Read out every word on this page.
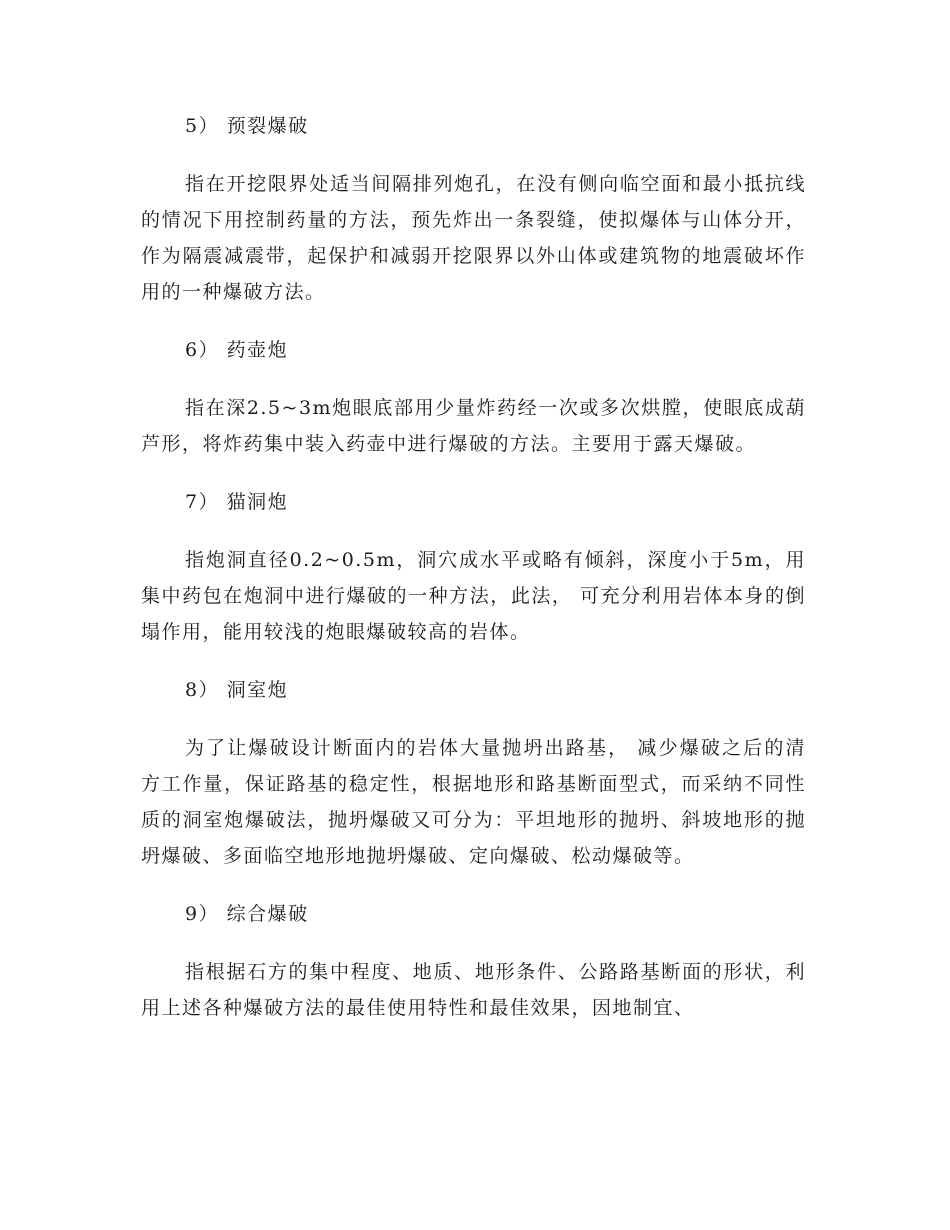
5） 预裂爆破
指在开挖限界处适当间隔排列炮孔，在没有侧向临空面和最小抵抗线的情况下用控制药量的方法，预先炸出一条裂缝，使拟爆体与山体分开，作为隔震减震带，起保护和减弱开挖限界以外山体或建筑物的地震破坏作用的一种爆破方法。
6） 药壶炮
指在深2.5~3m炮眼底部用少量炸药经一次或多次烘膛，使眼底成葫芦形，将炸药集中装入药壶中进行爆破的方法。主要用于露天爆破。
7） 猫洞炮
指炮洞直径0.2~0.5m，洞穴成水平或略有倾斜，深度小于5m，用集中药包在炮洞中进行爆破的一种方法，此法， 可充分利用岩体本身的倒塌作用，能用较浅的炮眼爆破较高的岩体。
8） 洞室炮
为了让爆破设计断面内的岩体大量抛坍出路基， 减少爆破之后的清方工作量，保证路基的稳定性，根据地形和路基断面型式，而采纳不同性质的洞室炮爆破法，抛坍爆破又可分为：平坦地形的抛坍、斜坡地形的抛坍爆破、多面临空地形地抛坍爆破、定向爆破、松动爆破等。
9） 综合爆破
指根据石方的集中程度、地质、地形条件、公路路基断面的形状，利用上述各种爆破方法的最佳使用特性和最佳效果，因地制宜、
